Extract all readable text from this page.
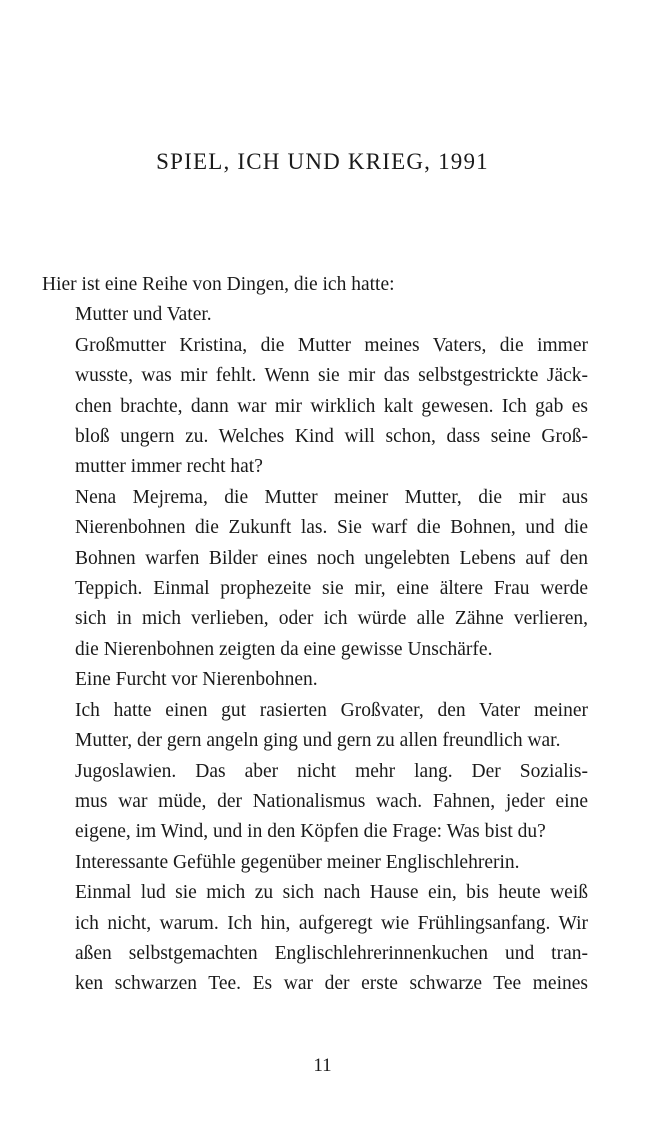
SPIEL, ICH UND KRIEG, 1991
Hier ist eine Reihe von Dingen, die ich hatte:
Mutter und Vater.
Großmutter Kristina, die Mutter meines Vaters, die immer
wusste, was mir fehlt. Wenn sie mir das selbstgestrickte Jäck-
chen brachte, dann war mir wirklich kalt gewesen. Ich gab es
bloß ungern zu. Welches Kind will schon, dass seine Groß-
mutter immer recht hat?
Nena Mejrema, die Mutter meiner Mutter, die mir aus
Nierenbohnen die Zukunft las. Sie warf die Bohnen, und die
Bohnen warfen Bilder eines noch ungelebten Lebens auf den
Teppich. Einmal prophezeite sie mir, eine ältere Frau werde
sich in mich verlieben, oder ich würde alle Zähne verlieren,
die Nierenbohnen zeigten da eine gewisse Unschärfe.
Eine Furcht vor Nierenbohnen.
Ich hatte einen gut rasierten Großvater, den Vater meiner
Mutter, der gern angeln ging und gern zu allen freundlich war.
Jugoslawien. Das aber nicht mehr lang. Der Sozialis-
mus war müde, der Nationalismus wach. Fahnen, jeder eine
eigene, im Wind, und in den Köpfen die Frage: Was bist du?
Interessante Gefühle gegenüber meiner Englischlehrerin.
Einmal lud sie mich zu sich nach Hause ein, bis heute weiß
ich nicht, warum. Ich hin, aufgeregt wie Frühlingsanfang. Wir
aßen selbstgemachten Englischlehrerinnenkuchen und tran-
ken schwarzen Tee. Es war der erste schwarze Tee meines
11
